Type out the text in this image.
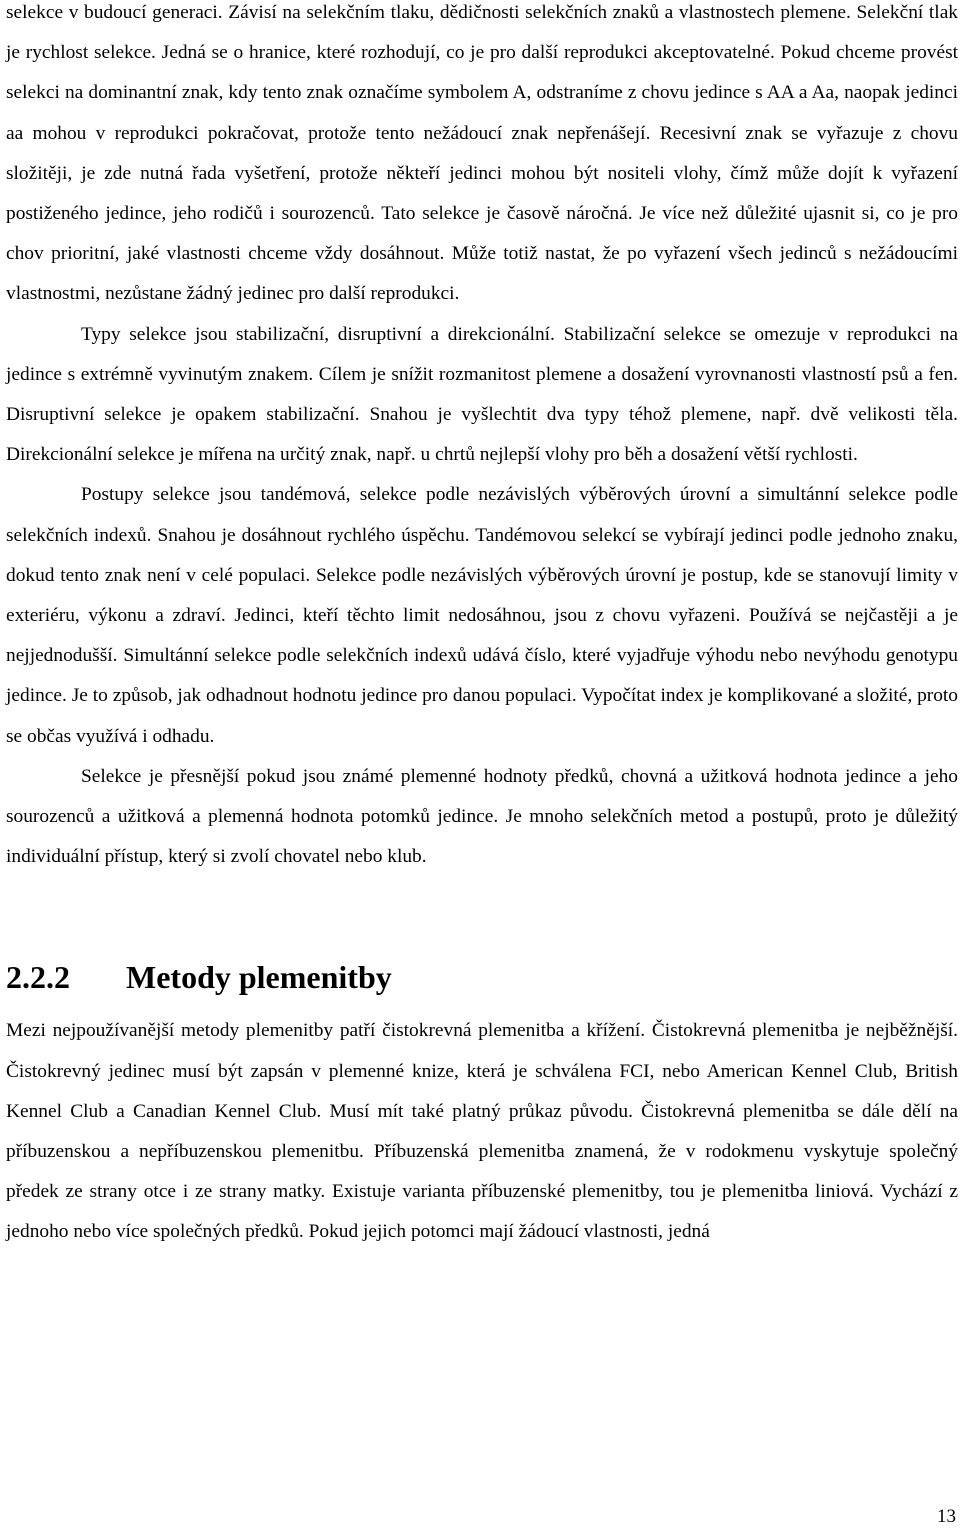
selekce v budoucí generaci. Závisí na selekčním tlaku, dědičnosti selekčních znaků a vlastnostech plemene. Selekční tlak je rychlost selekce. Jedná se o hranice, které rozhodují, co je pro další reprodukci akceptovatelné. Pokud chceme provést selekci na dominantní znak, kdy tento znak označíme symbolem A, odstraníme z chovu jedince s AA a Aa, naopak jedinci aa mohou v reprodukci pokračovat, protože tento nežádoucí znak nepřenášejí. Recesivní znak se vyřazuje z chovu složitěji, je zde nutná řada vyšetření, protože někteří jedinci mohou být nositeli vlohy, čímž může dojít k vyřazení postiženého jedince, jeho rodičů i sourozenců. Tato selekce je časově náročná. Je více než důležité ujasnit si, co je pro chov prioritní, jaké vlastnosti chceme vždy dosáhnout. Může totiž nastat, že po vyřazení všech jedinců s nežádoucími vlastnostmi, nezůstane žádný jedinec pro další reprodukci.

Typy selekce jsou stabilizační, disruptivní a direkcionální. Stabilizační selekce se omezuje v reprodukci na jedince s extrémně vyvinutým znakem. Cílem je snížit rozmanitost plemene a dosažení vyrovnanosti vlastností psů a fen. Disruptivní selekce je opakem stabilizační. Snahou je vyšlechtit dva typy téhož plemene, např. dvě velikosti těla. Direkcionální selekce je mířena na určitý znak, např. u chrtů nejlepší vlohy pro běh a dosažení větší rychlosti.

Postupy selekce jsou tandémová, selekce podle nezávislých výběrových úrovní a simultánní selekce podle selekčních indexů. Snahou je dosáhnout rychlého úspěchu. Tandémovou selekcí se vybírají jedinci podle jednoho znaku, dokud tento znak není v celé populaci. Selekce podle nezávislých výběrových úrovní je postup, kde se stanovují limity v exteriéru, výkonu a zdraví. Jedinci, kteří těchto limit nedosáhnou, jsou z chovu vyřazeni. Používá se nejčastěji a je nejjednodušší. Simultánní selekce podle selekčních indexů udává číslo, které vyjadřuje výhodu nebo nevýhodu genotypu jedince. Je to způsob, jak odhadnout hodnotu jedince pro danou populaci. Vypočítat index je komplikované a složité, proto se občas využívá i odhadu.

Selekce je přesnější pokud jsou známé plemenné hodnoty předků, chovná a užitková hodnota jedince a jeho sourozenců a užitková a plemenná hodnota potomků jedince. Je mnoho selekčních metod a postupů, proto je důležitý individuální přístup, který si zvolí chovatel nebo klub.

2.2.2	Metody plemenitby

Mezi nejpoužívanější metody plemenitby patří čistokrevná plemenitba a křížení. Čistokrevná plemenitba je nejběžnější. Čistokrevný jedinec musí být zapsán v plemenné knize, která je schválena FCI, nebo American Kennel Club, British Kennel Club a Canadian Kennel Club. Musí mít také platný průkaz původu. Čistokrevná plemenitba se dále dělí na příbuzenskou a nepříbuzenskou plemenitbu. Příbuzenská plemenitba znamená, že v rodokmenu vyskytuje společný předek ze strany otce i ze strany matky. Existuje varianta příbuzenské plemenitby, tou je plemenitba liniová. Vychází z jednoho nebo více společných předků. Pokud jejich potomci mají žádoucí vlastnosti, jedná

13
